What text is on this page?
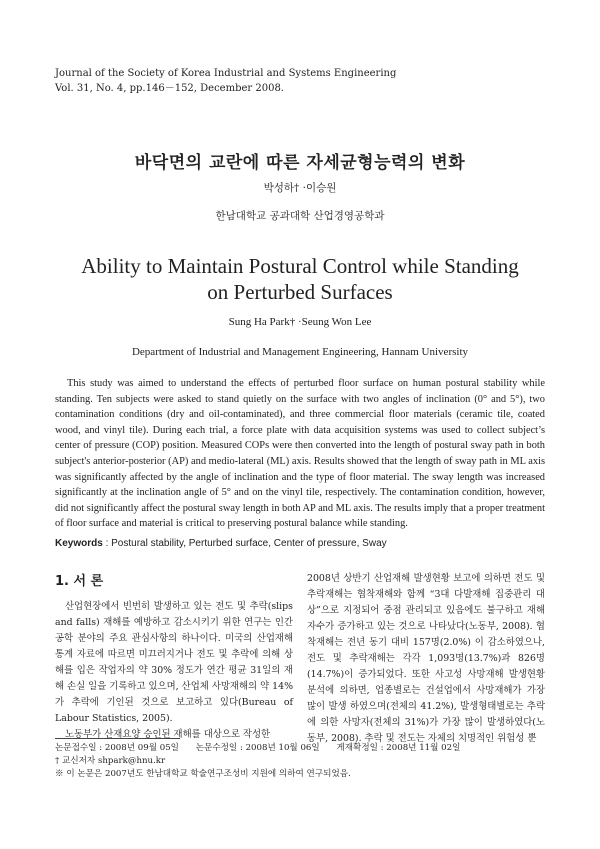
Journal of the Society of Korea Industrial and Systems Engineering
Vol. 31, No. 4, pp.146－152, December 2008.
바닥면의 교란에 따른 자세균형능력의 변화
박성하† ·이승원
한남대학교 공과대학 산업경영공학과
Ability to Maintain Postural Control while Standing
on Perturbed Surfaces
Sung Ha Park† ·Seung Won Lee
Department of Industrial and Management Engineering, Hannam University

This study was aimed to understand the effects of perturbed floor surface on human postural stability while standing. Ten subjects were asked to stand quietly on the surface with two angles of inclination (0° and 5°), two contamination conditions (dry and oil-contaminated), and three commercial floor materials (ceramic tile, coated wood, and vinyl tile). During each trial, a force plate with data acquisition systems was used to collect subject’s center of pressure (COP) position. Measured COPs were then converted into the length of postural sway path in both subject's anterior-posterior (AP) and medio-lateral (ML) axis. Results showed that the length of sway path in ML axis was significantly affected by the angle of inclination and the type of floor material. The sway length was increased significantly at the inclination angle of 5° and on the vinyl tile, respectively. The contamination condition, however, did not significantly affect the postural sway length in both AP and ML axis. The results imply that a proper treatment of floor surface and material is critical to preserving postural balance while standing.

Keywords : Postural stability, Perturbed surface, Center of pressure, Sway
1. 서 론

산업현장에서 빈번히 발생하고 있는 전도 및 추락(slips and falls) 재해를 예방하고 감소시키기 위한 연구는 인간공학 분야의 주요 관심사항의 하나이다. 미국의 산업재해 통계 자료에 따르면 미끄러지거나 전도 및 추락에 의해 상해를 입은 작업자의 약 30% 정도가 연간 평균 31일의 재해 손실 일을 기록하고 있으며, 산업체 사망재해의 약 14%가 추락에 기인된 것으로 보고하고 있다(Bureau of Labour Statistics, 2005).

노동부가 산재요양 승인된 재해를 대상으로 작성한

2008년 상반기 산업재해 발생현황 보고에 의하면 전도 및 추락재해는 협착재해와 함께 “3대 다발재해 집중관리 대상”으로 지정되어 중점 관리되고 있음에도 불구하고 재해자수가 증가하고 있는 것으로 나타났다(노동부, 2008). 협착재해는 전년 동기 대비 157명(2.0%) 이 감소하였으나, 전도 및 추락재해는 각각 1,093명(13.7%)과 826명(14.7%)이 증가되었다. 또한 사고성 사망재해 발생현황 분석에 의하면, 업종별로는 건설업에서 사망재해가 가장 많이 발생 하였으며(전체의 41.2%), 발생형태별로는 추락에 의한 사망자(전체의 31%)가 가장 많이 발생하였다(노동부, 2008). 추락 및 전도는 자체의 치명적인 위험성 뿐

논문접수일 : 2008년 09월 05일 논문수정일 : 2008년 10월 06일 게재확정일 : 2008년 11월 02일
† 교신저자 shpark@hnu.kr
※ 이 논문은 2007년도 한남대학교 학술연구조성비 지원에 의하여 연구되었음.
